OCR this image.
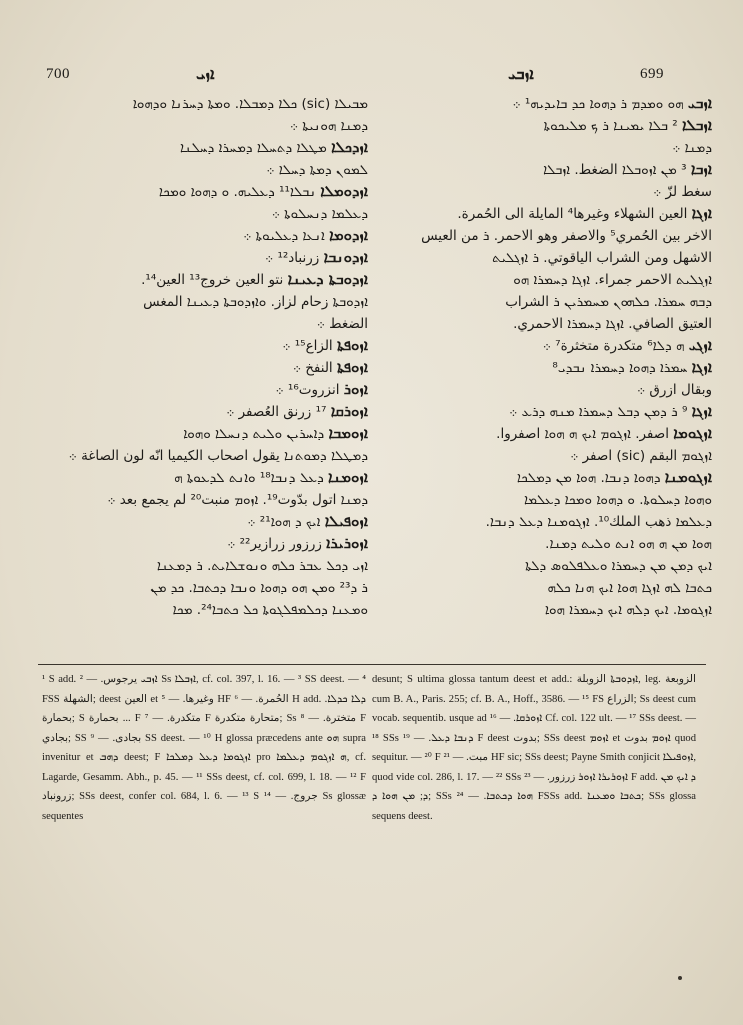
700	ܐܙܝ	ܐܙܒܝ	699
ܡܒܝܠܐ (sic) ܟܠܐ ܕܡܒܠܐ. ܘܡܬܐ ܕܚܪܢܐ ܘܕܗܘܐ
ܕܡܢܐ ܗܘܢܝܬܐ ܀
ܐܙܕܟܠܐ ܡܛܠܐ ܕܬܚܠܐ ܕܡܚܪܐ ܕܚܠܢܐ
ܠܡܘܢ ܕܡܬܐ ܕܚܠܐ ܀
ܐܙܕܘܡܠܐ ܢܒܠܐ¹¹ ܕܥܠܝܗ. ܘ ܕܗܘܐ ܘܡܟܐ
ܕܥܠܡܐ ܕܢܚܠܘܬܐ ܀
ܐܙܕܘܡܐ ܐܢܥܐ ܕܥܠܝܘܬܐ ܀
ܐܙܕܘܢܒܐ زرنباد¹² ܀
ܐܙܕܘܒܬܐ ܕܥܝܢܐ نتو العين خروج¹³ العين¹⁴.
ܐܙܕܘܒܬܐ زحام لزاز. ܘܐܙܕܘܒܬܐ ܕܥܝܢܐ المغس
الضغط ܀
ܐܙܘܦܬܐ الزاع¹⁵ ܀
ܐܙܘܦܬܐ النفخ ܀
ܐܙܘܪ انزروت¹⁶ ܀
ܐܙܘܪܩܐ ¹⁷ زرنق العُصفر ܀
ܐܙܘܡܒܐ ܕܐܚܪܝܢ ܘܠܝܬ ܕܢܚܠܐ ܘܗܘܐ
ܕܡܛܠܐ ܕܡܘܬܢܐ يقول اصحاب الكيميا انّه لون الصاغة ܀
ܐܙܘܡܢܐ ܕܥܠ ܕܢܒܐ¹⁸ ܘܐܢܬ ܠܕܥܘܬܐ ܗ
ܕܡܢܐ اتول بدّوت¹⁹. ܐܙܘܡ منبت²⁰ لم يجمع بعد ܀
ܐܙܘܦܝܠܐ ܐܝܟ ܕ ܗܘܐ²¹ ܀
ܐܙܘܪܝܪܐ زرزور زرازير²² ܀
ܐܙܝ ܕܟܠ ܥܒܪ ܟܠܗ ܘܢܘܫܠܐܝܬ. ܪ ܕܡܥܢܐ
ܪ ܕ²³ ܘܡܢ ܗܘ ܕܗܘܐ ܘܢܒܐ ܕܟܬܒܐ. ܟܕ ܡܢ
ܘܡܥܢܐ ܕܟܠܡܦܠܓܘܬܐ ܟܠ ܟܬܒܐ²⁴. ܡܟܐ
ܐܙܒܝ ܗܘ ܘܡܕܡ ܪ ܕܗܘܐ ܟܕ ܒܐܝܕܝܗ¹ ܀
ܐܙܒܠܐ ² ܒܠܐ ܝܡܝܢܐ ܪ ܟ ܡܠܝܟܘܬܐ
ܕܡܢܐ ܀
ܐܙܒܐ ³ ܡܢ ܐܙܘܒܠܐ الضغط. ܐܙܒܠܐ
سغط لزّ ܀
ܐܙܓܐ العين الشهلاء وغيرها⁴ المايلة الى الحُمرة.
الاخر بين الحُمري⁵ والاصفر وهو الاحمر. ܪ من العيس
الاشهل ومن الشراب الياقوتي. ܪ ܐܙܓܠܝܬ
ܐܙܓܠܝܬ الاحمر جمراء. ܐܙܓܐ ܕܚܡܪܐ ܗܘ
ܕܒܗ ܚܡܪܐ. ܟܠܗܘܢ ܡܚܡܪܝܢ ܪ الشراب
العتيق الصافي. ܐܙܓܐ ܕܚܡܪܐ الاحمري.
ܐܙܓܝ ܗ ܕܠܐ⁶ متكدرة متخثرة⁷ ܀
ܐܙܓܐ ܚܡܪܐ ܕܗܘܐ ܕܚܡܪܐ ܢܒܕܝ⁸
وبقال ازرق ܀
ܐܙܓܐ ⁹ ܪ ܕܡܢ ܕܒܠ ܕܚܡܪܐ ܡܢܗ ܕܪܥ ܀
ܐܙܓܘܡܐ اصفر. ܐܙܓܘܡ ܐܝܟ ܗ ܗܘܐ اصفروا.
ܐܙܓܘܡ البقم (sic) اصفر ܀
ܐܙܓܘܡܢܐ ܕܗܘܐ ܕܢܒܐ. ܗܘܐ ܡܢ ܕܡܠܟܐ
ܘܗܘܐ ܕܚܠܘܬܐ. ܘ ܕܗܘܐ ܘܡܟܐ ܕܥܠܡܐ
ܕܥܠܡܐ ذهب الملك¹⁰. ܐܙܓܘܡܢܐ ܕܥܠ ܕܢܒܐ.
ܗܘܐ ܡܢ ܗ ܗܘ ܐܢܬ ܘܠܝܬ ܕܡܢܐ.
ܐܝܟ ܕܡܢ ܡܢ ܕܚܡܪܐ ܘܥܠܦܠܘܣ ܕܠܬܐ
ܟܬܒܐ ܠܗ ܐܙܓܐ ܗܘܐ ܐܝܟ ܗܢܐ ܟܠܗ
ܐܙܓܘܡܐ. ܐܝܟ ܕܠܗ ܐܝܟ ܕܚܡܪܐ ܗܘܐ
¹ S add. ܐܙܒܝ يرجوس. — ² Ss ܐܙܒܠܐ, cf. col. 397, l. 16. — ³ SS deest. — ⁴ FSS الشهلة; deest العين et وغيرها. — ⁵ HF الحُمرة. — ⁶ H add. ܕܠܐ ܟܕܠܐ. بحمارة; S بحمارة ... F متكدرة. — ⁷ F متحارة متكدرة; Ss متخترة. — ⁸ F بجادي; SS بجادى. — ⁹ SS deest. — ¹⁰ H glossa præcedens ante ܗܘ supra invenitur et ܕܗܒ deest; F ܐܙܓܘܡܐ ܕܥܠ ܕܡܠܟܐ pro ܗ ܐܙܓܘܡ ܕܥܠܡܐ, cf. Lagarde, Gesamm. Abh., p. 45. — ¹¹ SSs deest, cf. col. 699, l. 18. — ¹² F زرونباد; SSs deest, confer col. 684, l. 6. — ¹³ S جروج. — ¹⁴ Ss glossæ sequentes
desunt; S ultima glossa tantum deest et add.: ܐܙܕܘܒܬܐ الزوبلة, leg. الزوبعة cum B. A., Paris. 255; cf. B. A., Hoff., 3586. — ¹⁵ FS الزراع; Ss deest cum vocab. sequentib. usque ad ܐܙܘܪܩܐ. — ¹⁶ Cf. col. 122 ult. — ¹⁷ SSs deest. — ¹⁸ SSs ܕܢܒܐ ܕܥܠ. — ¹⁹ F deest بدوت; SSs deest ܐܙܘܡ et ܐܙܘܡ بدوت quod sequitur. — ²⁰ F مبت. — ²¹ HF sic; SSs deest; Payne Smith conjicit ܐܙܘܦܝܠܐ, quod vide col. 286, l. 17. — ²² SSs ܐܙܘܪܝܪܐ ܐܙܘܪ زرزور. — ²³ F add. ܕ ܐܝܟ ܡܢ ܕ; ܡܢ ܗܘܐ ܕ; SSs ܗܘܐ ܕܟܬܒܐ. — ²⁴ FSSs add. ܟܬܒܐ ܘܡܥܢܐ; SSs glossa sequens deest.
